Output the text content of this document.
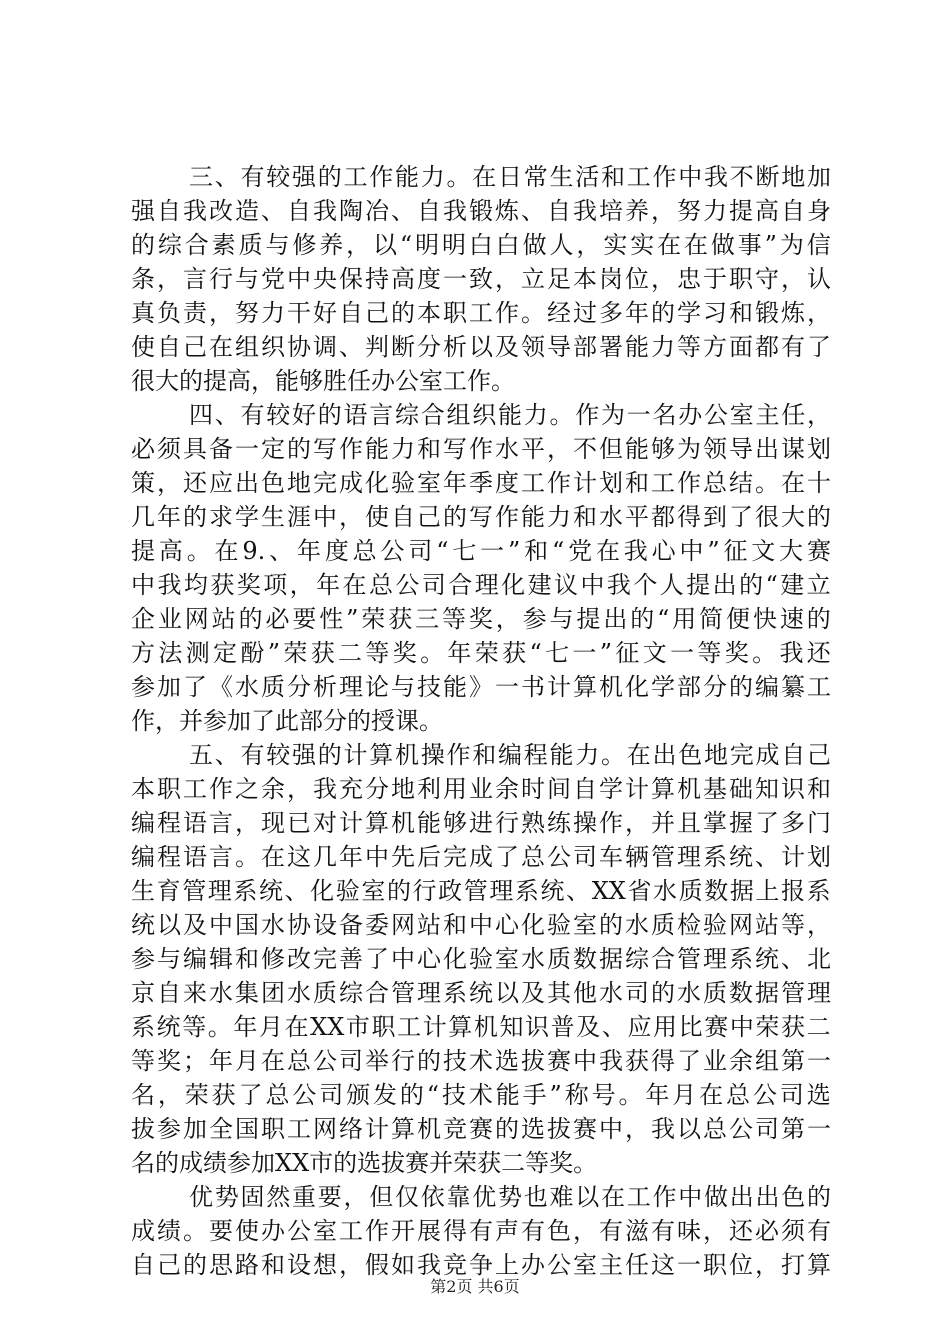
三 、 有 较 强 的 工 作 能 力 。 在 日 常 生 活 和 工 作 中 我 不 断 地 加
强 自 我 改 造 、 自 我 陶 冶 、 自 我 锻 炼 、 自 我 培 养 ， 努 力 提 高 自 身
的 综 合 素 质 与 修 养 ， 以 “ 明 明 白 白 做 人 ， 实 实 在 在 做 事 ” 为 信
条 ， 言 行 与 党 中 央 保 持 高 度 一 致 ， 立 足 本 岗 位 ， 忠 于 职 守 ， 认
真 负 责 ， 努 力 干 好 自 己 的 本 职 工 作 。 经 过 多 年 的 学 习 和 锻 炼 ，
使 自 己 在 组 织 协 调 、 判 断 分 析 以 及 领 导 部 署 能 力 等 方 面 都 有 了
很 大 的 提 高 ， 能 够 胜 任 办 公 室 工 作 。
四 、 有 较 好 的 语 言 综 合 组 织 能 力 。 作 为 一 名 办 公 室 主 任 ，
必 须 具 备 一 定 的 写 作 能 力 和 写 作 水 平 ， 不 但 能 够 为 领 导 出 谋 划
策 ， 还 应 出 色 地 完 成 化 验 室 年 季 度 工 作 计 划 和 工 作 总 结 。 在 十
几 年 的 求 学 生 涯 中 ， 使 自 己 的 写 作 能 力 和 水 平 都 得 到 了 很 大 的
提 高 。 在 9. 、 年 度 总 公 司 “ 七 一 ” 和 “ 党 在 我 心 中 ” 征 文 大 赛
中 我 均 获 奖 项 ， 年 在 总 公 司 合 理 化 建 议 中 我 个 人 提 出 的 “ 建 立
企 业 网 站 的 必 要 性 ” 荣 获 三 等 奖 ， 参 与 提 出 的 “ 用 简 便 快 速 的
方 法 测 定 酚 ” 荣 获 二 等 奖 。 年 荣 获 “ 七 一 ” 征 文 一 等 奖 。 我 还
参 加 了 《 水 质 分 析 理 论 与 技 能 》 一 书 计 算 机 化 学 部 分 的 编 纂 工
作 ， 并 参 加 了 此 部 分 的 授 课 。
五 、 有 较 强 的 计 算 机 操 作 和 编 程 能 力 。 在 出 色 地 完 成 自 己
本 职 工 作 之 余 ， 我 充 分 地 利 用 业 余 时 间 自 学 计 算 机 基 础 知 识 和
编 程 语 言 ， 现 已 对 计 算 机 能 够 进 行 熟 练 操 作 ， 并 且 掌 握 了 多 门
编 程 语 言 。 在 这 几 年 中 先 后 完 成 了 总 公 司 车 辆 管 理 系 统 、 计 划
生 育 管 理 系 统 、 化 验 室 的 行 政 管 理 系 统 、 XX 省 水 质 数 据 上 报 系
统 以 及 中 国 水 协 设 备 委 网 站 和 中 心 化 验 室 的 水 质 检 验 网 站 等 ，
参 与 编 辑 和 修 改 完 善 了 中 心 化 验 室 水 质 数 据 综 合 管 理 系 统 、 北
京 自 来 水 集 团 水 质 综 合 管 理 系 统 以 及 其 他 水 司 的 水 质 数 据 管 理
系 统 等 。 年 月 在 XX 市 职 工 计 算 机 知 识 普 及 、 应 用 比 赛 中 荣 获 二
等 奖 ； 年 月 在 总 公 司 举 行 的 技 术 选 拔 赛 中 我 获 得 了 业 余 组 第 一
名 ， 荣 获 了 总 公 司 颁 发 的 “ 技 术 能 手 ” 称 号 。 年 月 在 总 公 司 选
拔 参 加 全 国 职 工 网 络 计 算 机 竞 赛 的 选 拔 赛 中 ， 我 以 总 公 司 第 一
名 的 成 绩 参 加 XX 市 的 选 拔 赛 并 荣 获 二 等 奖 。
优 势 固 然 重 要 ， 但 仅 依 靠 优 势 也 难 以 在 工 作 中 做 出 出 色 的
成 绩 。 要 使 办 公 室 工 作 开 展 得 有 声 有 色 ， 有 滋 有 味 ， 还 必 须 有
自 己 的 思 路 和 设 想 ， 假 如 我 竞 争 上 办 公 室 主 任 这 一 职 位 ， 打 算
第2页 共6页
